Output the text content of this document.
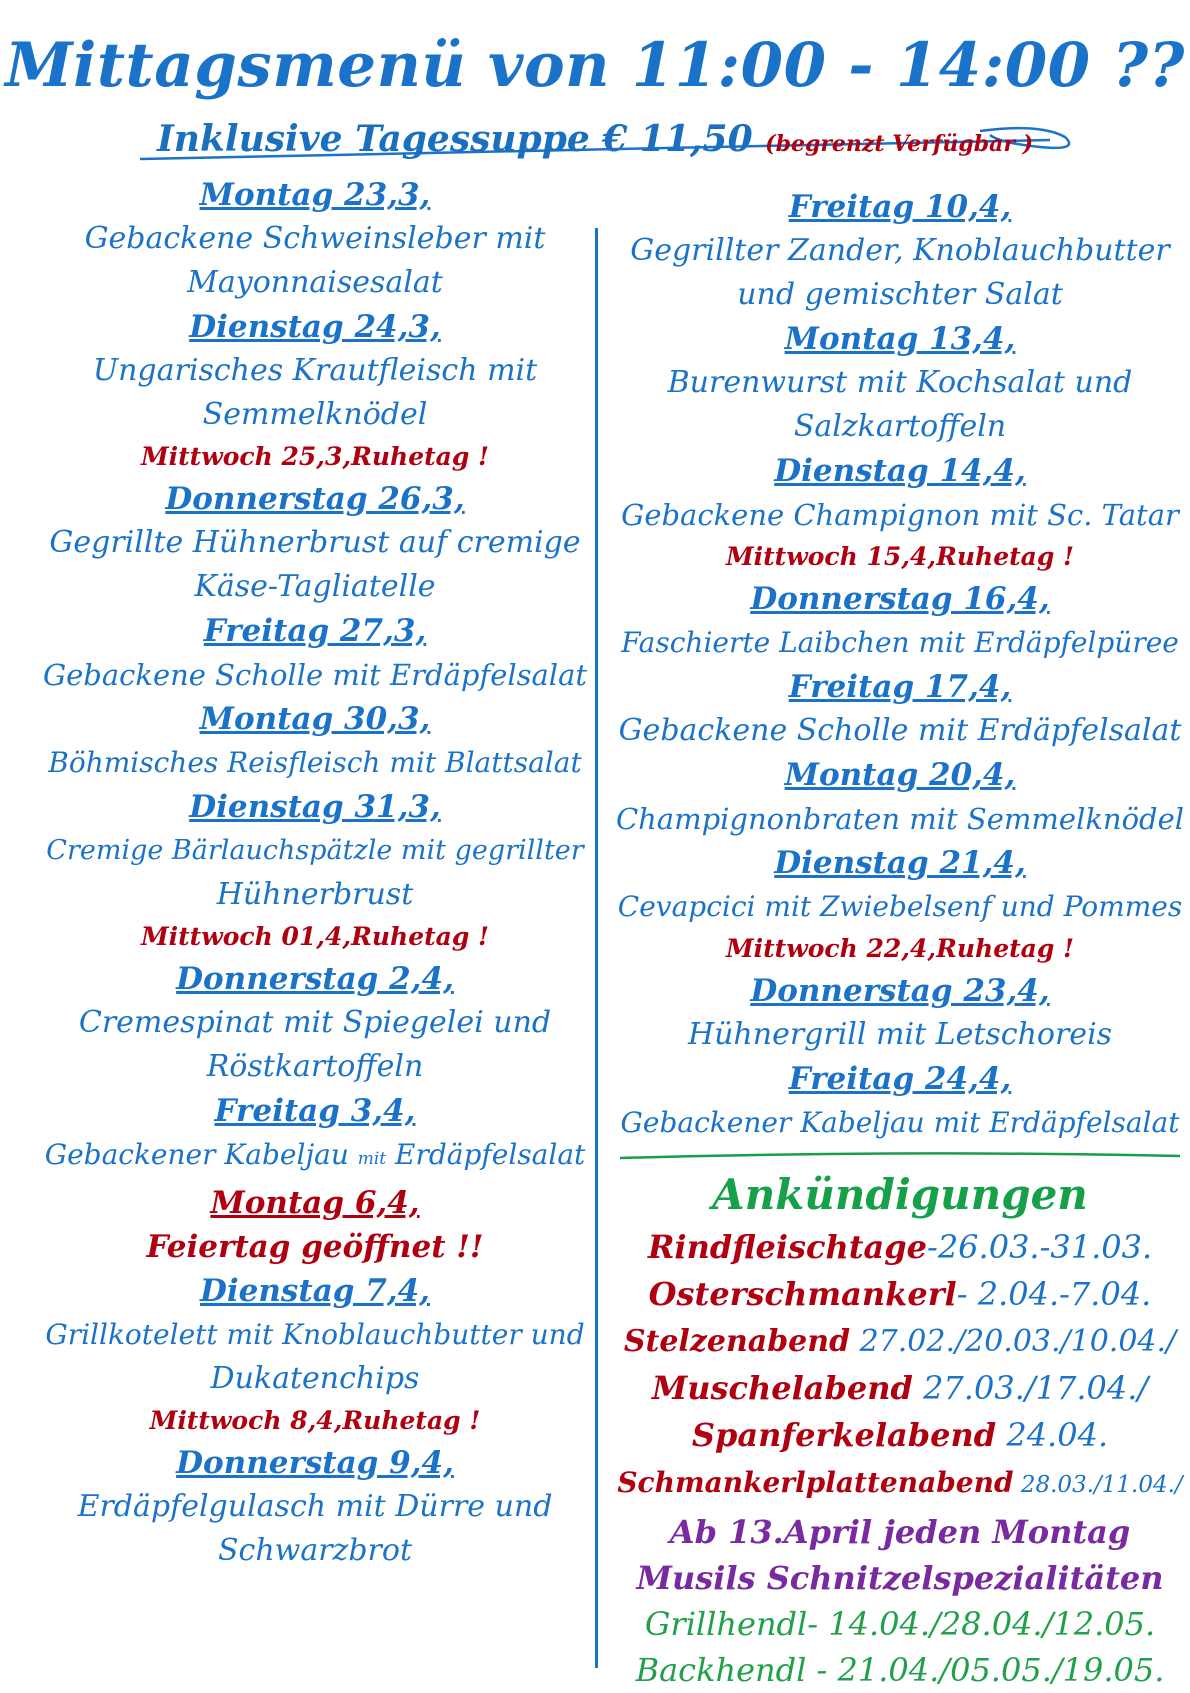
Mittagsmenü von 11:00 - 14:00 ??
Inklusive Tagessuppe € 11,50 (begrenzt Verfügbar )
Montag 23,3,
Gebackene Schweinsleber mit
Mayonnaisesalat
Dienstag 24,3,
Ungarisches Krautfleisch mit
Semmelknödel
Mittwoch 25,3,Ruhetag !
Donnerstag 26,3,
Gegrillte Hühnerbrust auf cremige
Käse-Tagliatelle
Freitag 27,3,
Gebackene Scholle mit Erdäpfelsalat
Montag 30,3,
Böhmisches Reisfleisch mit Blattsalat
Dienstag 31,3,
Cremige Bärlauchspätzle mit gegrillter
Hühnerbrust
Mittwoch 01,4,Ruhetag !
Donnerstag 2,4,
Cremespinat mit Spiegelei und
Röstkartoffeln
Freitag 3,4,
Gebackener Kabeljau mit Erdäpfelsalat
Montag 6,4,
Feiertag geöffnet !!
Dienstag 7,4,
Grillkotelett mit Knoblauchbutter und
Dukatenchips
Mittwoch 8,4,Ruhetag !
Donnerstag 9,4,
Erdäpfelgulasch mit Dürre und
Schwarzbrot
Freitag 10,4,
Gegrillter Zander, Knoblauchbutter
und gemischter Salat
Montag 13,4,
Burenwurst mit Kochsalat und
Salzkartoffeln
Dienstag 14,4,
Gebackene Champignon mit Sc. Tatar
Mittwoch 15,4,Ruhetag !
Donnerstag 16,4,
Faschierte Laibchen mit Erdäpfelpüree
Freitag 17,4,
Gebackene Scholle mit Erdäpfelsalat
Montag 20,4,
Champignonbraten mit Semmelknödel
Dienstag 21,4,
Cevapcici mit Zwiebelsenf und Pommes
Mittwoch 22,4,Ruhetag !
Donnerstag 23,4,
Hühnergrill mit Letschoreis
Freitag 24,4,
Gebackener Kabeljau mit Erdäpfelsalat
Ankündigungen
Rindfleischtage-26.03.-31.03.
Osterschmankerl- 2.04.-7.04.
Stelzenabend 27.02./20.03./10.04./
Muschelabend 27.03./17.04./
Spanferkelabend 24.04.
Schmankerlplattenabend 28.03./11.04./
Ab 13.April jeden Montag
Musils Schnitzelspezialitäten
Grillhendl- 14.04./28.04./12.05.
Backhendl - 21.04./05.05./19.05.
